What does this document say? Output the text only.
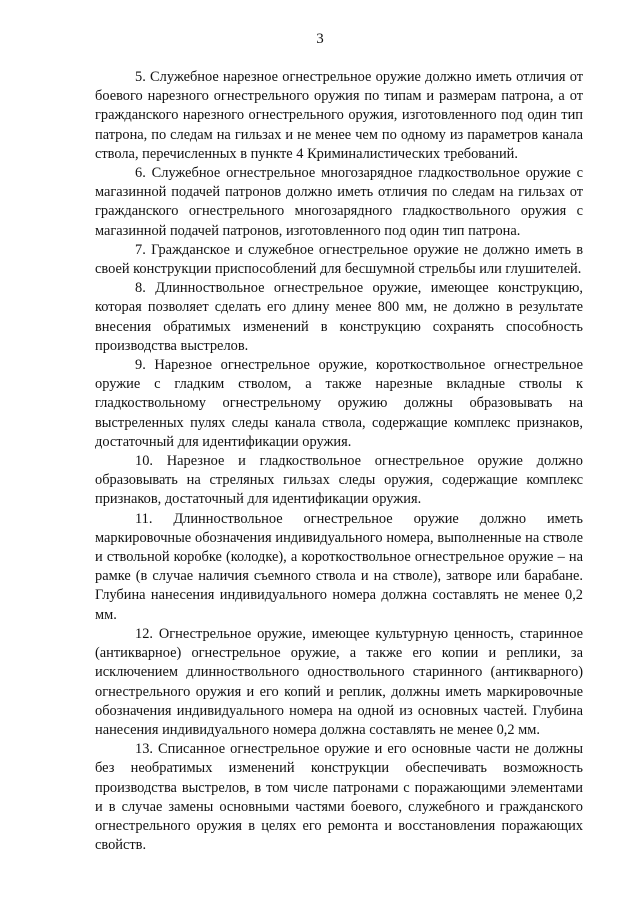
3

5. Служебное нарезное огнестрельное оружие должно иметь отличия от боевого нарезного огнестрельного оружия по типам и размерам патрона, а от гражданского нарезного огнестрельного оружия, изготовленного под один тип патрона, по следам на гильзах и не менее чем по одному из параметров канала ствола, перечисленных в пункте 4 Криминалистических требований.

6. Служебное огнестрельное многозарядное гладкоствольное оружие с магазинной подачей патронов должно иметь отличия по следам на гильзах от гражданского огнестрельного многозарядного гладкоствольного оружия с магазинной подачей патронов, изготовленного под один тип патрона.

7. Гражданское и служебное огнестрельное оружие не должно иметь в своей конструкции приспособлений для бесшумной стрельбы или глушителей.

8. Длинноствольное огнестрельное оружие, имеющее конструкцию, которая позволяет сделать его длину менее 800 мм, не должно в результате внесения обратимых изменений в конструкцию сохранять способность производства выстрелов.

9. Нарезное огнестрельное оружие, короткоствольное огнестрельное оружие с гладким стволом, а также нарезные вкладные стволы к гладкоствольному огнестрельному оружию должны образовывать на выстреленных пулях следы канала ствола, содержащие комплекс признаков, достаточный для идентификации оружия.

10. Нарезное и гладкоствольное огнестрельное оружие должно образовывать на стреляных гильзах следы оружия, содержащие комплекс признаков, достаточный для идентификации оружия.

11. Длинноствольное огнестрельное оружие должно иметь маркировочные обозначения индивидуального номера, выполненные на стволе и ствольной коробке (колодке), а короткоствольное огнестрельное оружие – на рамке (в случае наличия съемного ствола и на стволе), затворе или барабане. Глубина нанесения индивидуального номера должна составлять не менее 0,2 мм.

12. Огнестрельное оружие, имеющее культурную ценность, старинное (антикварное) огнестрельное оружие, а также его копии и реплики, за исключением длинноствольного одноствольного старинного (антикварного) огнестрельного оружия и его копий и реплик, должны иметь маркировочные обозначения индивидуального номера на одной из основных частей. Глубина нанесения индивидуального номера должна составлять не менее 0,2 мм.

13. Списанное огнестрельное оружие и его основные части не должны без необратимых изменений конструкции обеспечивать возможность производства выстрелов, в том числе патронами с поражающими элементами и в случае замены основными частями боевого, служебного и гражданского огнестрельного оружия в целях его ремонта и восстановления поражающих свойств.
